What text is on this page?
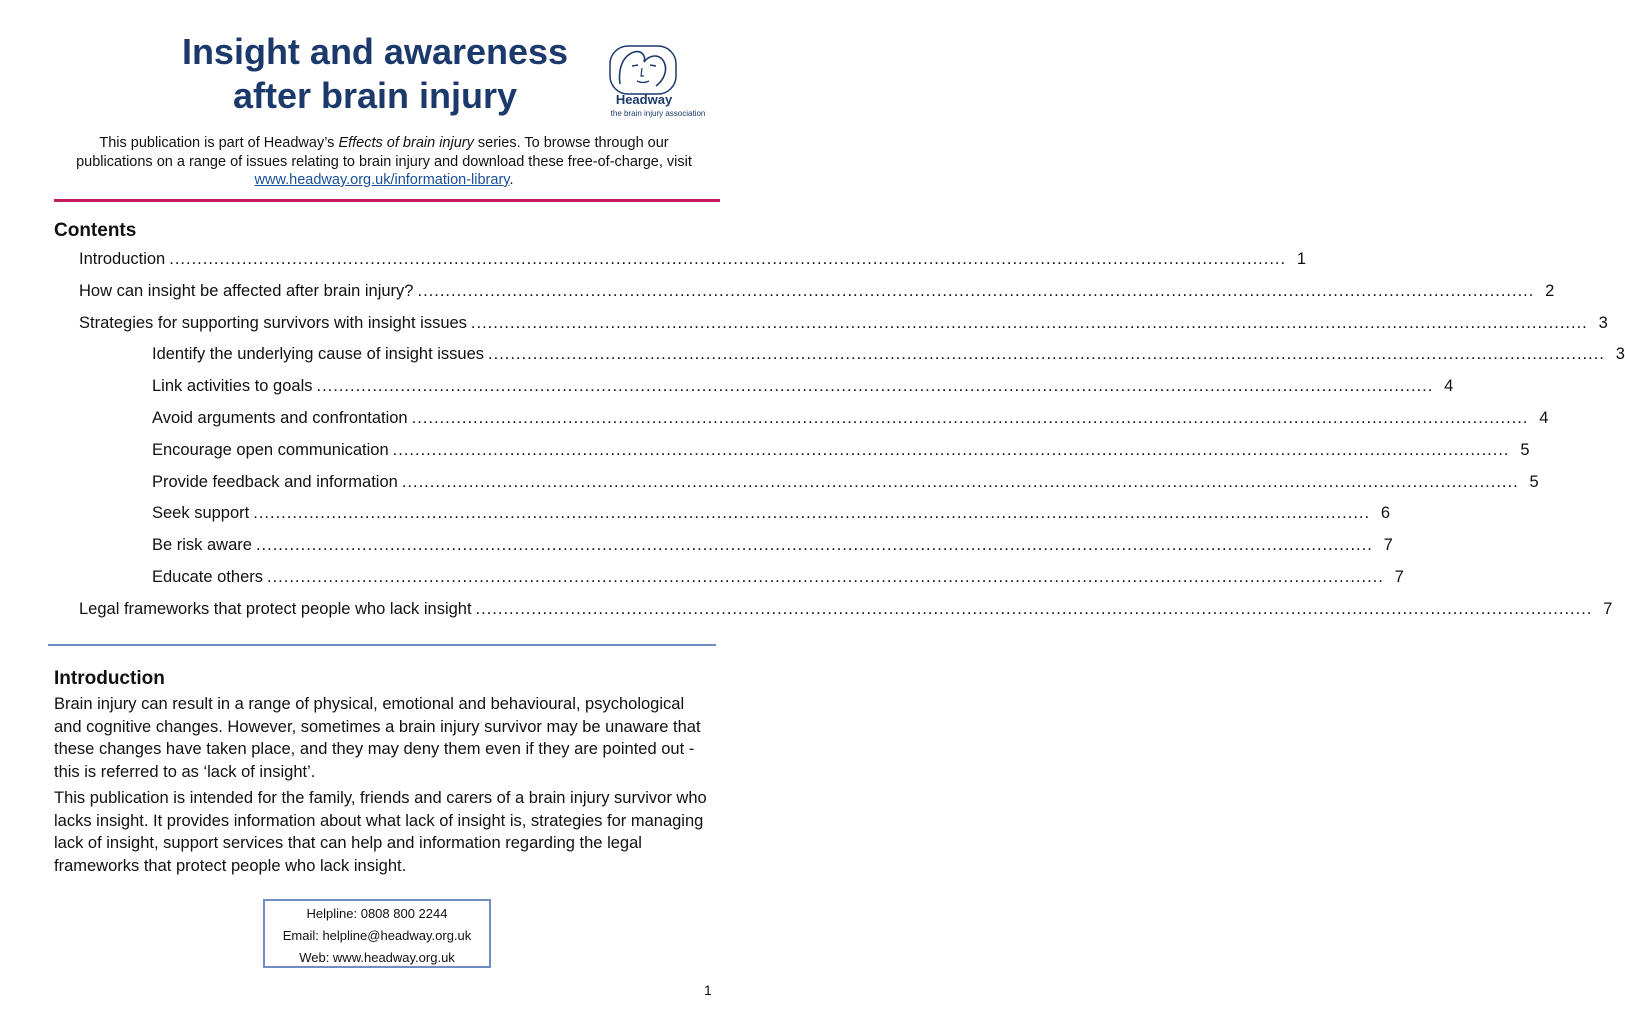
Insight and awareness
after brain injury	Headway
the brain injury association
This publication is part of Headway’s Effects of brain injury series. To browse through our publications on a range of issues relating to brain injury and download these free-of-charge, visit www.headway.org.uk/information-library.
Contents
Introduction ........................................................................................................................................................................................................ 1
How can insight be affected after brain injury? ........................................................................................................................................................................................................ 2
Strategies for supporting survivors with insight issues ........................................................................................................................................................................................................ 3
Identify the underlying cause of insight issues ........................................................................................................................................................................................................ 3
Link activities to goals ........................................................................................................................................................................................................ 4
Avoid arguments and confrontation ........................................................................................................................................................................................................ 4
Encourage open communication ........................................................................................................................................................................................................ 5
Provide feedback and information ........................................................................................................................................................................................................ 5
Seek support ........................................................................................................................................................................................................ 6
Be risk aware ........................................................................................................................................................................................................ 7
Educate others ........................................................................................................................................................................................................ 7
Legal frameworks that protect people who lack insight ........................................................................................................................................................................................................ 7
Introduction

Brain injury can result in a range of physical, emotional and behavioural, psychological and cognitive changes. However, sometimes a brain injury survivor may be unaware that these changes have taken place, and they may deny them even if they are pointed out - this is referred to as ‘lack of insight’.

This publication is intended for the family, friends and carers of a brain injury survivor who lacks insight. It provides information about what lack of insight is, strategies for managing lack of insight, support services that can help and information regarding the legal frameworks that protect people who lack insight.

Helpline: 0808 800 2244
Email: helpline@headway.org.uk
Web: www.headway.org.uk
1
